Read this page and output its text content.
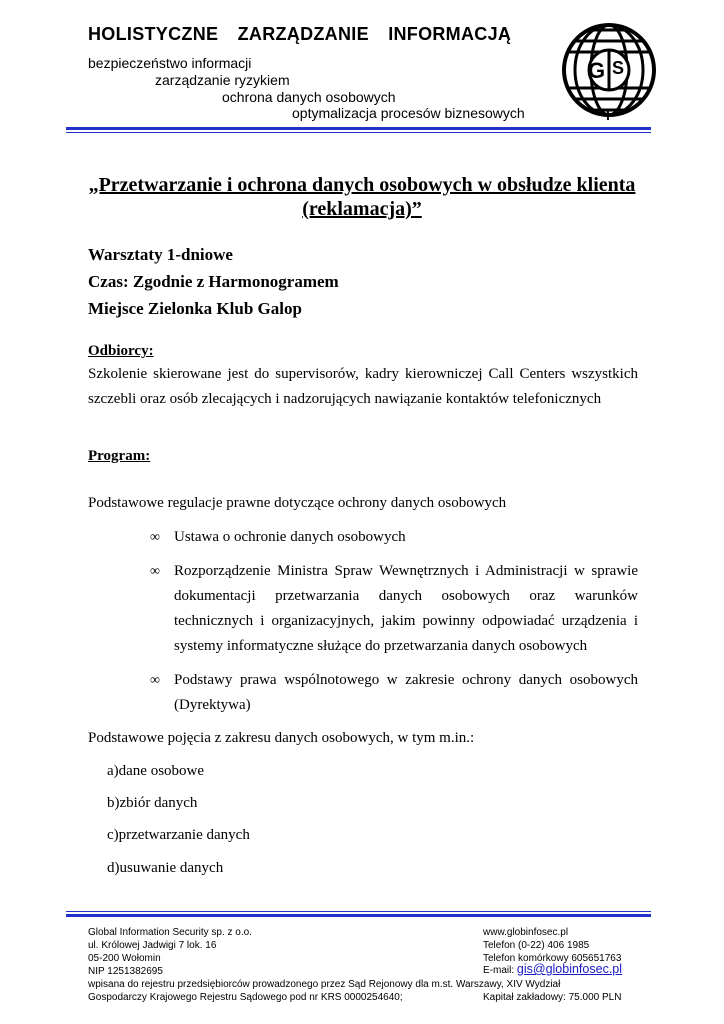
HOLISTYCZNE ZARZĄDZANIE INFORMACJĄ
bezpieczeństwo informacji
zarządzanie ryzykiem
ochrona danych osobowych
optymalizacja procesów biznesowych
G S
I
„Przetwarzanie i ochrona danych osobowych w obsłudze klienta
(reklamacja)”
Warsztaty 1-dniowe
Czas: Zgodnie z Harmonogramem
Miejsce Zielonka Klub Galop
Odbiorcy:
Szkolenie skierowane jest do supervisorów, kadry kierowniczej Call Centers wszystkich szczebli oraz osób zlecających i nadzorujących nawiązanie kontaktów telefonicznych
Program:
Podstawowe regulacje prawne dotyczące ochrony danych osobowych
∞ Ustawa o ochronie danych osobowych
∞ Rozporządzenie Ministra Spraw Wewnętrznych i Administracji w sprawie dokumentacji przetwarzania danych osobowych oraz warunków technicznych i organizacyjnych, jakim powinny odpowiadać urządzenia i systemy informatyczne służące do przetwarzania danych osobowych
∞ Podstawy prawa wspólnotowego w zakresie ochrony danych osobowych (Dyrektywa)
Podstawowe pojęcia z zakresu danych osobowych, w tym m.in.:
a)dane osobowe
b)zbiór danych
c)przetwarzanie danych
d)usuwanie danych
Global Information Security sp. z o.o.
ul. Królowej Jadwigi 7 lok. 16
05-200 Wołomin
NIP 1251382695
www.globinfosec.pl
Telefon (0-22) 406 1985
Telefon komórkowy 605651763
E-mail: gis@globinfosec.pl
wpisana do rejestru przedsiębiorców prowadzonego przez Sąd Rejonowy dla m.st. Warszawy, XIV Wydział
Gospodarczy Krajowego Rejestru Sądowego pod nr KRS 0000254640;	Kapitał zakładowy: 75.000 PLN
